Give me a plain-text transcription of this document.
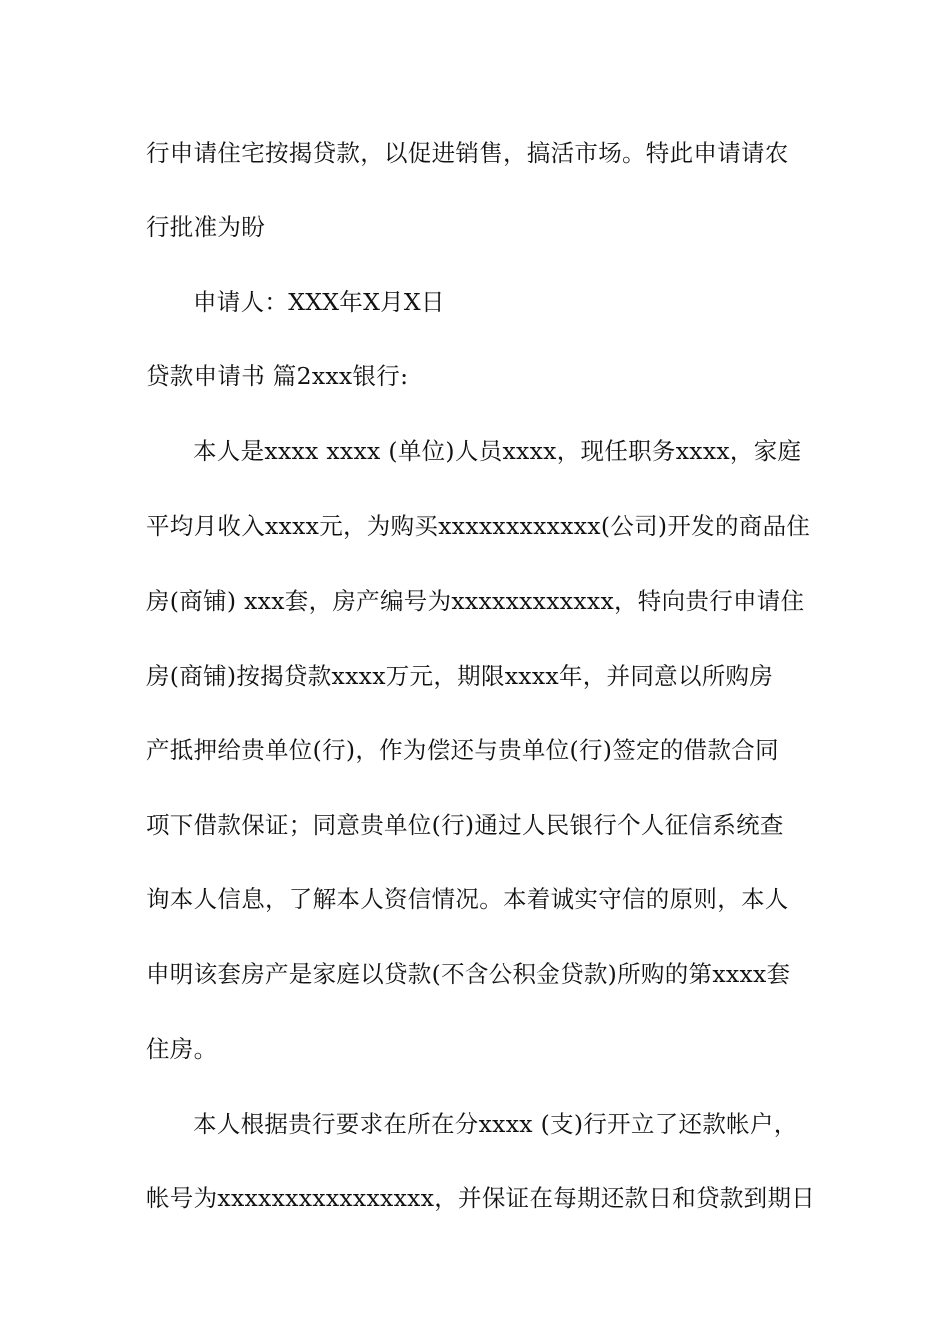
行申请住宅按揭贷款，以促进销售，搞活市场。特此申请请农
行批准为盼
申请人：XXX年X月X日
贷款申请书 篇2xxx银行:
本人是xxxx xxxx (单位)人员xxxx，现任职务xxxx，家庭
平均月收入xxxx元，为购买xxxxxxxxxxxx(公司)开发的商品住
房(商铺) xxx套，房产编号为xxxxxxxxxxxx，特向贵行申请住
房(商铺)按揭贷款xxxx万元，期限xxxx年，并同意以所购房
产抵押给贵单位(行)，作为偿还与贵单位(行)签定的借款合同
项下借款保证；同意贵单位(行)通过人民银行个人征信系统查
询本人信息，了解本人资信情况。本着诚实守信的原则，本人
申明该套房产是家庭以贷款(不含公积金贷款)所购的第xxxx套
住房。
本人根据贵行要求在所在分xxxx (支)行开立了还款帐户，
帐号为xxxxxxxxxxxxxxxx，并保证在每期还款日和贷款到期日
